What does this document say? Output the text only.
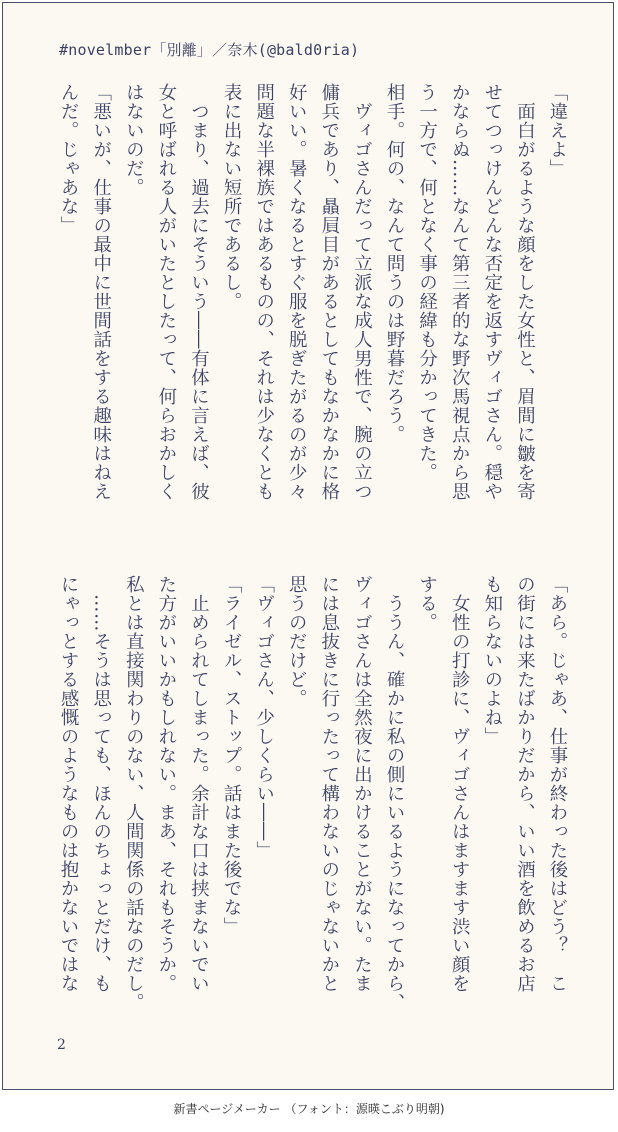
#novelmber「別離」／奈木(@bald0ria)
「違えよ」
　面白がるような顔をした女性と、眉間に皺を寄
せてつっけんどんな否定を返すヴィゴさん。穏や
かならぬ……なんて第三者的な野次馬視点から思
う一方で、何となく事の経緯も分かってきた。
相手。何の、なんて問うのは野暮だろう。
　ヴィゴさんだって立派な成人男性で、腕の立つ
傭兵であり、贔屓目があるとしてもなかなかに格
好いい。暑くなるとすぐ服を脱ぎたがるのが少々
問題な半裸族ではあるものの、それは少なくとも
表に出ない短所であるし。
　つまり、過去にそういう――有体に言えば、彼
女と呼ばれる人がいたとしたって、何らおかしく
はないのだ。
「悪いが、仕事の最中に世間話をする趣味はねえ
んだ。じゃあな」
「あら。じゃあ、仕事が終わった後はどう？　こ
の街には来たばかりだから、いい酒を飲めるお店
も知らないのよね」
　女性の打診に、ヴィゴさんはますます渋い顔を
する。
　ううん、確かに私の側にいるようになってから、
ヴィゴさんは全然夜に出かけることがない。たま
には息抜きに行ったって構わないのじゃないかと
思うのだけど。
「ヴィゴさん、少しくらい――」
「ライゼル、ストップ。話はまた後でな」
　止められてしまった。余計な口は挟まないでい
た方がいいかもしれない。まあ、それもそうか。
私とは直接関わりのない、人間関係の話なのだし。
　……そうは思っても、ほんのちょっとだけ、も
にゃっとする感慨のようなものは抱かないではな
2
新書ページメーカー （フォント：源暎こぶり明朝)
